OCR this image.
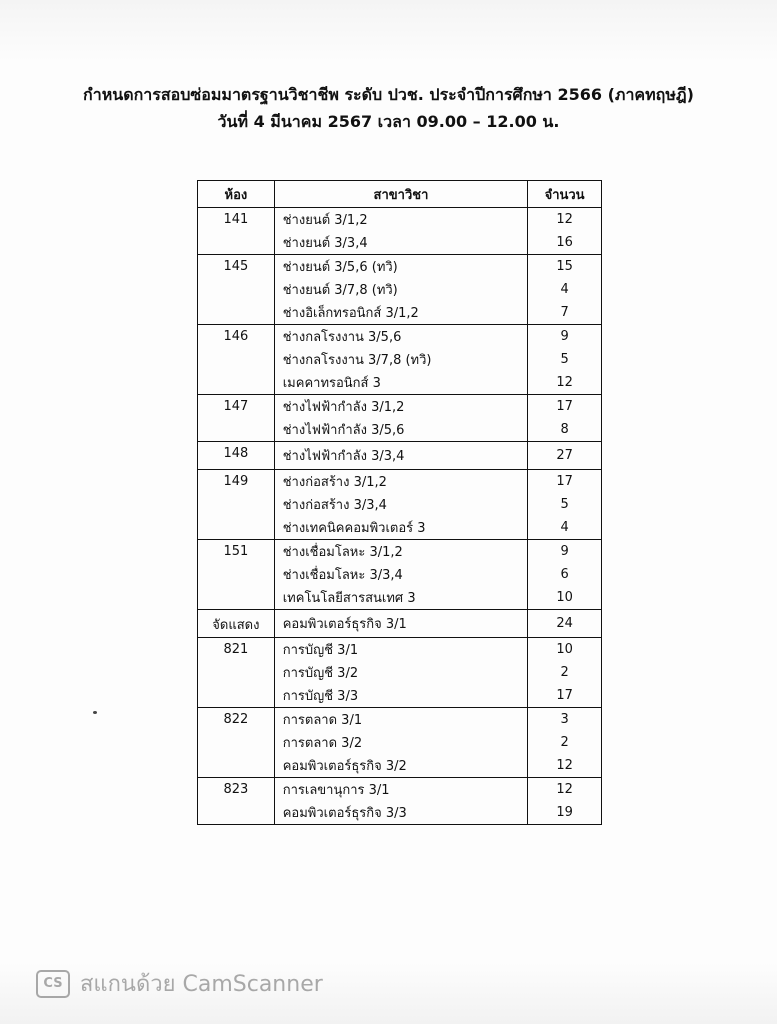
กำหนดการสอบซ่อมมาตรฐานวิชาชีพ ระดับ ปวช. ประจำปีการศึกษา 2566 (ภาคทฤษฎี)
วันที่ 4 มีนาคม 2567 เวลา 09.00 – 12.00 น.
ห้อง	สาขาวิชา	จำนวน
141	ช่างยนต์ 3/1,2	12
	ช่างยนต์ 3/3,4	16
145	ช่างยนต์ 3/5,6 (ทวิ)	15
	ช่างยนต์ 3/7,8 (ทวิ)	4
	ช่างอิเล็กทรอนิกส์ 3/1,2	7
146	ช่างกลโรงงาน 3/5,6	9
	ช่างกลโรงงาน 3/7,8 (ทวิ)	5
	เมคคาทรอนิกส์ 3	12
147	ช่างไฟฟ้ากำลัง 3/1,2	17
	ช่างไฟฟ้ากำลัง 3/5,6	8
148	ช่างไฟฟ้ากำลัง 3/3,4	27
149	ช่างก่อสร้าง 3/1,2	17
	ช่างก่อสร้าง 3/3,4	5
	ช่างเทคนิคคอมพิวเตอร์ 3	4
151	ช่างเชื่อมโลหะ 3/1,2	9
	ช่างเชื่อมโลหะ 3/3,4	6
	เทคโนโลยีสารสนเทศ 3	10
จัดแสดง	คอมพิวเตอร์ธุรกิจ 3/1	24
821	การบัญชี 3/1	10
	การบัญชี 3/2	2
	การบัญชี 3/3	17
822	การตลาด 3/1	3
	การตลาด 3/2	2
	คอมพิวเตอร์ธุรกิจ 3/2	12
823	การเลขานุการ 3/1	12
	คอมพิวเตอร์ธุรกิจ 3/3	19
CS สแกนด้วย CamScanner
